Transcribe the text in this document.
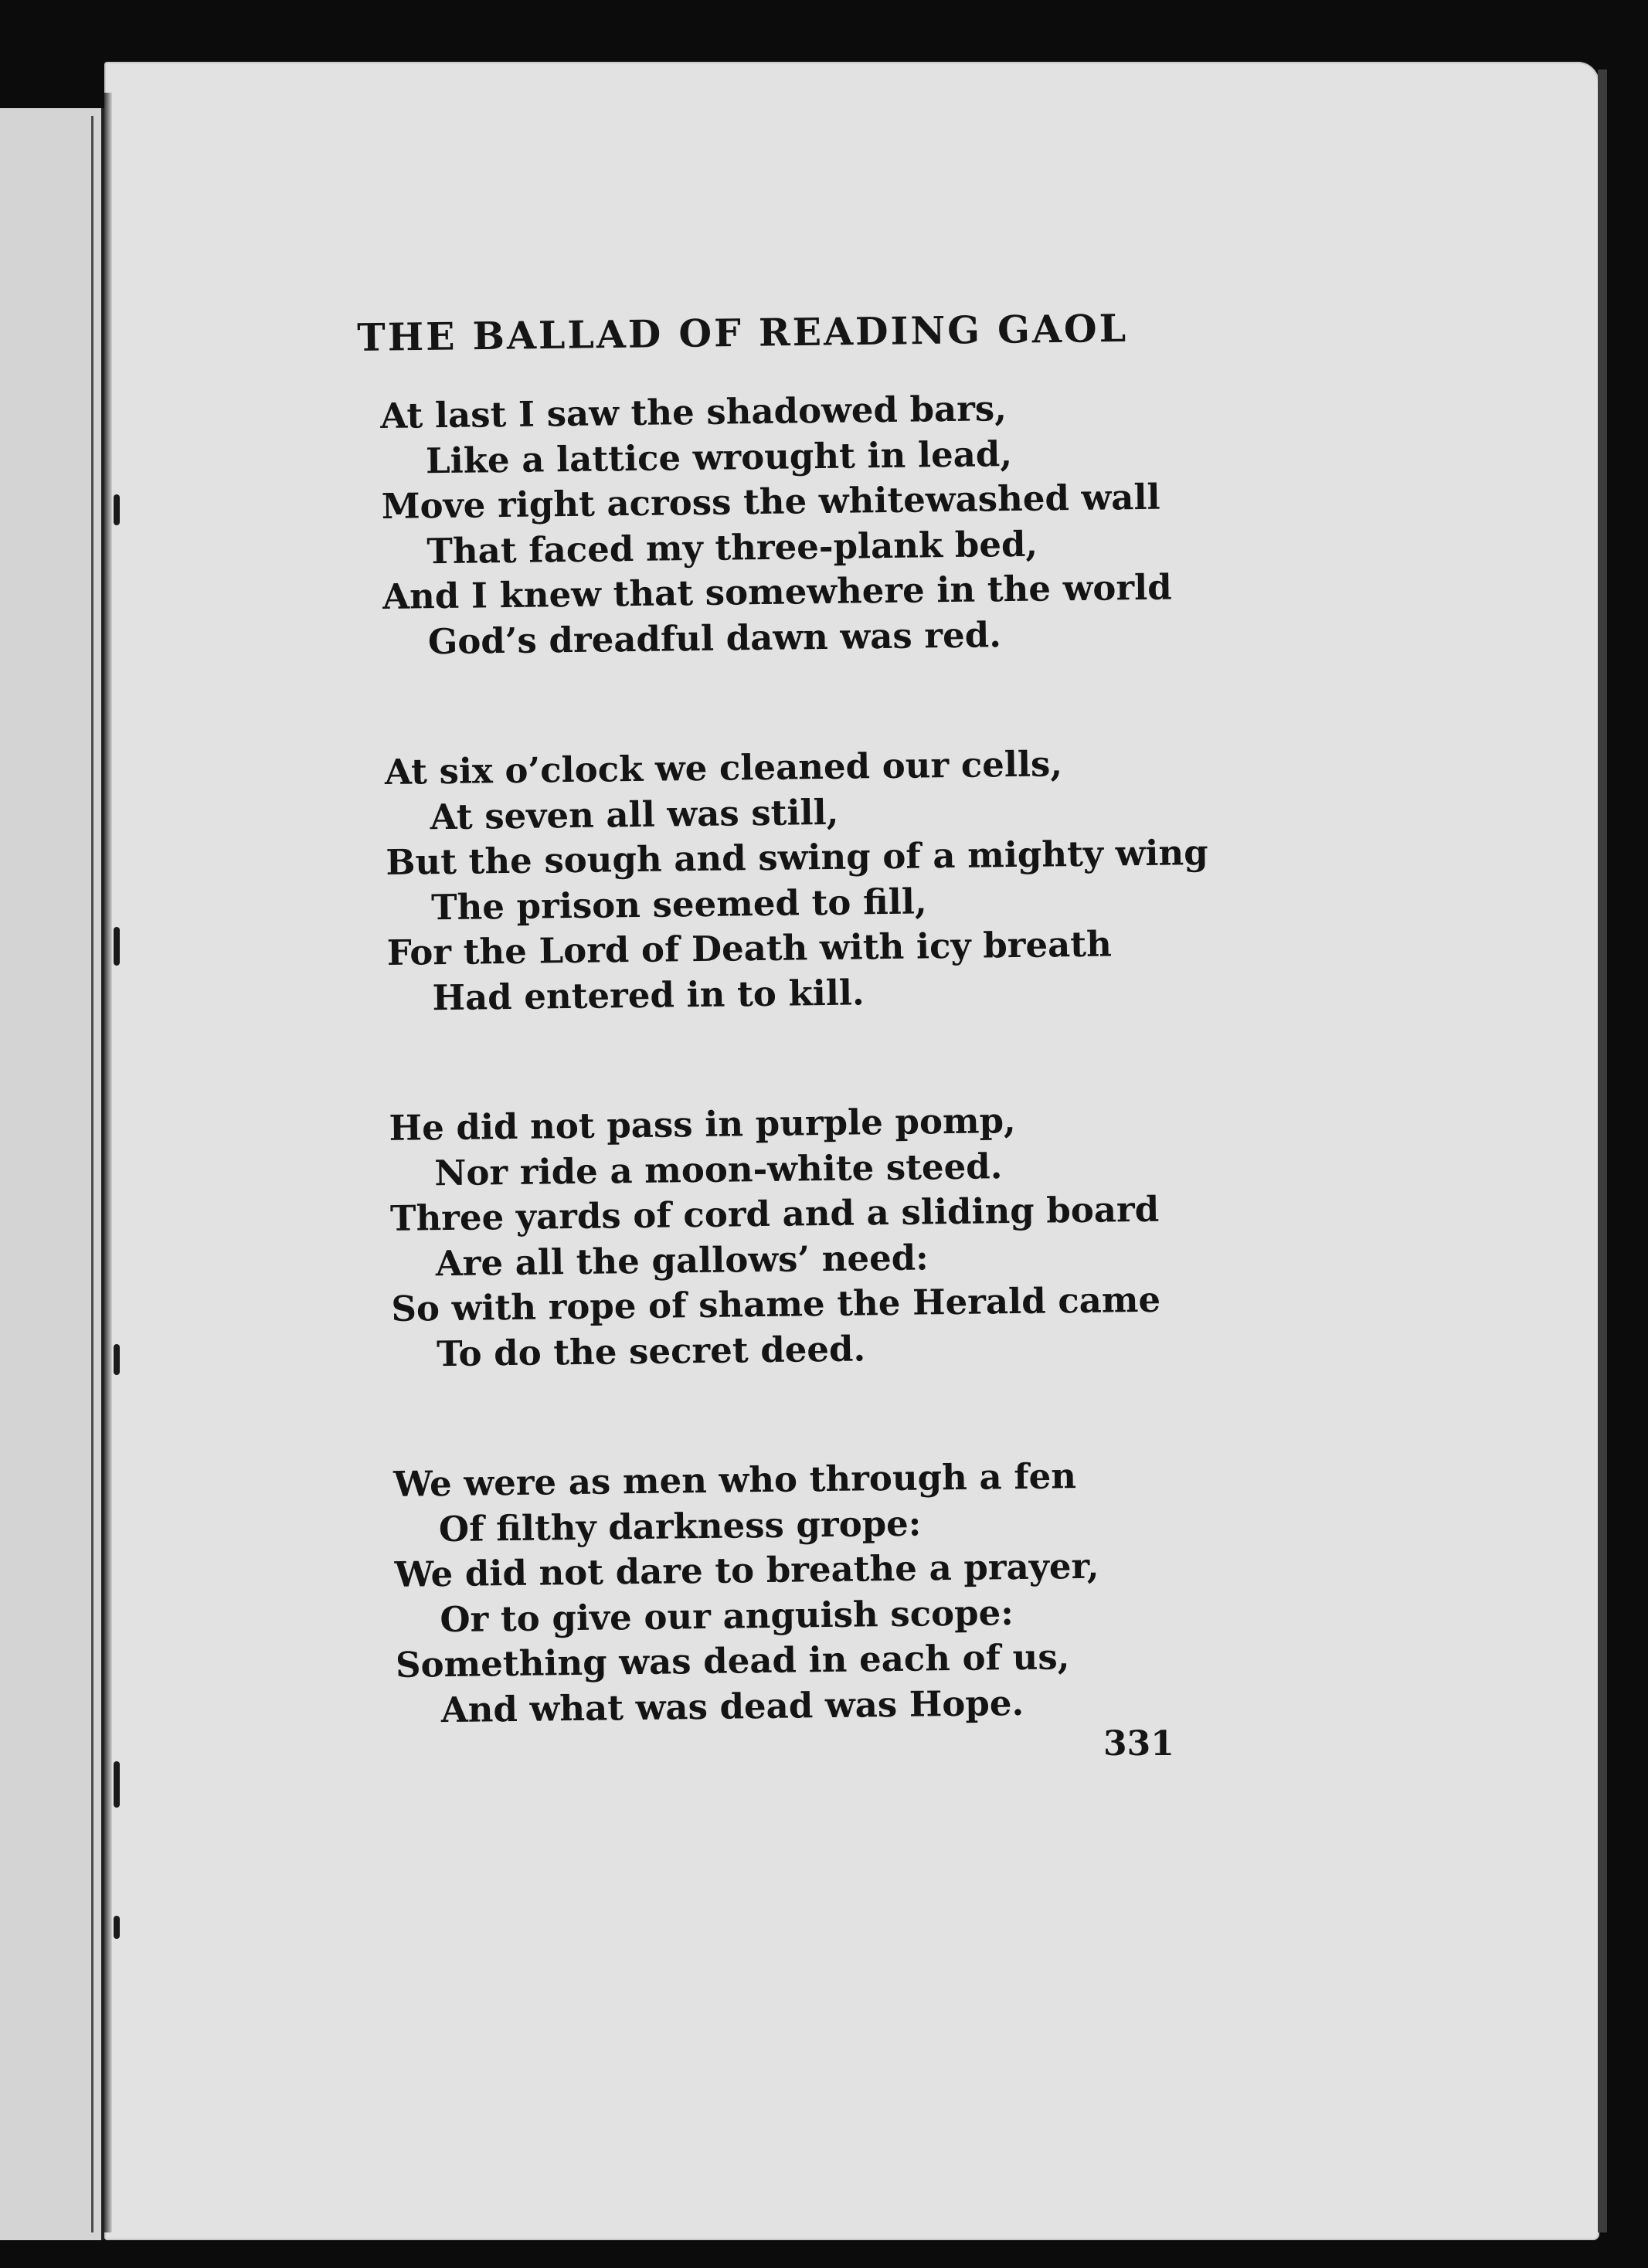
THE BALLAD OF READING GAOL
At last I saw the shadowed bars,
Like a lattice wrought in lead,
Move right across the whitewashed wall
That faced my three-plank bed,
And I knew that somewhere in the world
God’s dreadful dawn was red.
At six o’clock we cleaned our cells,
At seven all was still,
But the sough and swing of a mighty wing
The prison seemed to fill,
For the Lord of Death with icy breath
Had entered in to kill.
He did not pass in purple pomp,
Nor ride a moon-white steed.
Three yards of cord and a sliding board
Are all the gallows’ need:
So with rope of shame the Herald came
To do the secret deed.
We were as men who through a fen
Of filthy darkness grope:
We did not dare to breathe a prayer,
Or to give our anguish scope:
Something was dead in each of us,
And what was dead was Hope.

331
